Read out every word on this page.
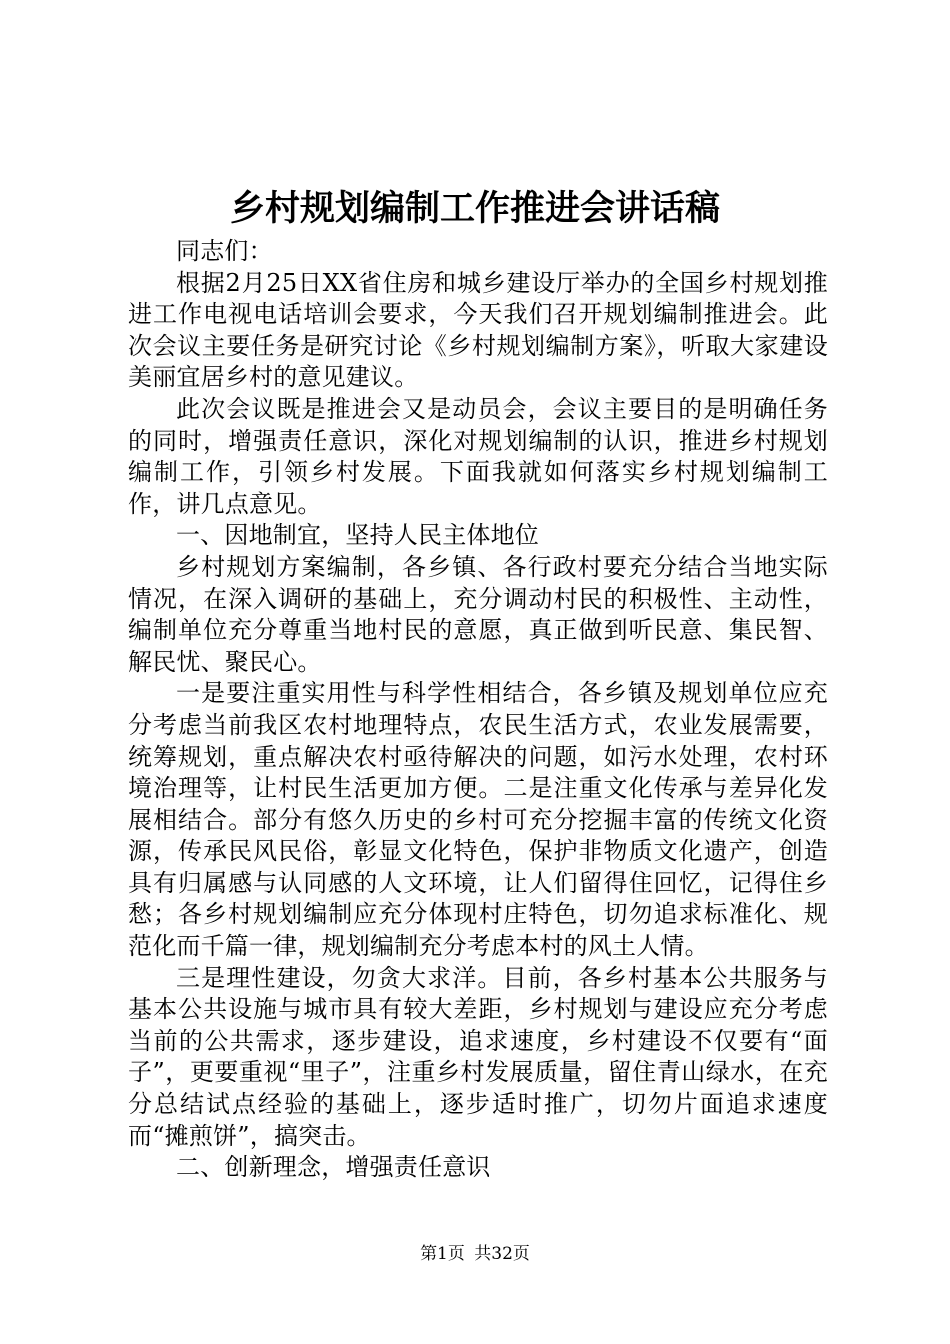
乡村规划编制工作推进会讲话稿

同志们：

根据2月25日XX省住房和城乡建设厅举办的全国乡村规划推进工作电视电话培训会要求，今天我们召开规划编制推进会。此次会议主要任务是研究讨论《乡村规划编制方案》，听取大家建设美丽宜居乡村的意见建议。

此次会议既是推进会又是动员会，会议主要目的是明确任务的同时，增强责任意识，深化对规划编制的认识，推进乡村规划编制工作，引领乡村发展。下面我就如何落实乡村规划编制工作，讲几点意见。

一、因地制宜，坚持人民主体地位

乡村规划方案编制，各乡镇、各行政村要充分结合当地实际情况，在深入调研的基础上，充分调动村民的积极性、主动性，编制单位充分尊重当地村民的意愿，真正做到听民意、集民智、解民忧、聚民心。

一是要注重实用性与科学性相结合，各乡镇及规划单位应充分考虑当前我区农村地理特点，农民生活方式，农业发展需要，统筹规划，重点解决农村亟待解决的问题，如污水处理，农村环境治理等，让村民生活更加方便。二是注重文化传承与差异化发展相结合。部分有悠久历史的乡村可充分挖掘丰富的传统文化资源，传承民风民俗，彰显文化特色，保护非物质文化遗产，创造具有归属感与认同感的人文环境，让人们留得住回忆，记得住乡愁；各乡村规划编制应充分体现村庄特色，切勿追求标准化、规范化而千篇一律，规划编制充分考虑本村的风土人情。

三是理性建设，勿贪大求洋。目前，各乡村基本公共服务与基本公共设施与城市具有较大差距，乡村规划与建设应充分考虑当前的公共需求，逐步建设，追求速度，乡村建设不仅要有“面子”，更要重视“里子”，注重乡村发展质量，留住青山绿水，在充分总结试点经验的基础上，逐步适时推广，切勿片面追求速度而“摊煎饼”，搞突击。

二、创新理念，增强责任意识

第1页 共32页
